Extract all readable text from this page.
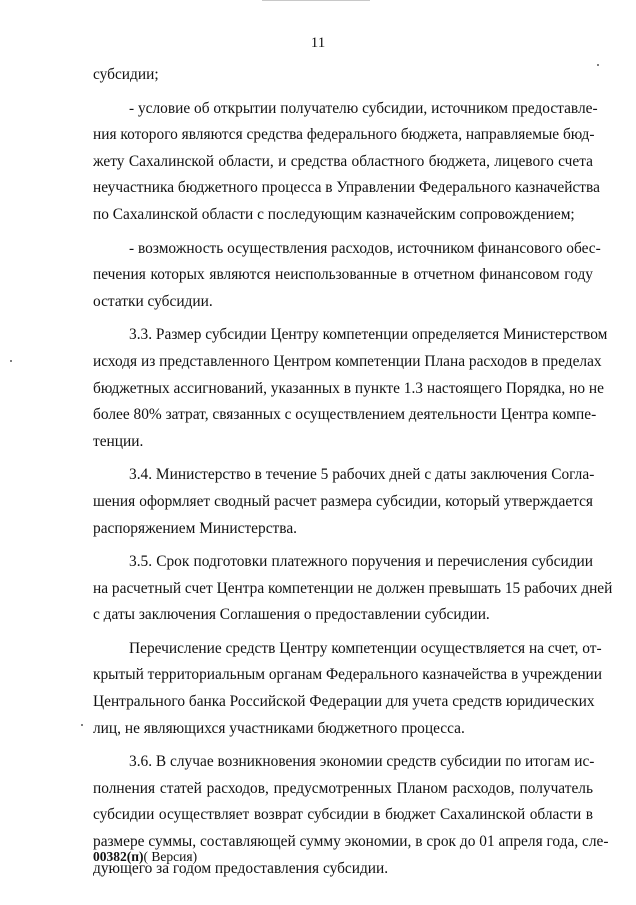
11
субсидии;
- условие об открытии получателю субсидии, источником предоставле-
ния которого являются средства федерального бюджета, направляемые бюд-
жету Сахалинской области, и средства областного бюджета, лицевого счета
неучастника бюджетного процесса в Управлении Федерального казначейства
по Сахалинской области с последующим казначейским сопровождением;
- возможность осуществления расходов, источником финансового обес-
печения которых являются неиспользованные в отчетном финансовом году
остатки субсидии.
3.3. Размер субсидии Центру компетенции определяется Министерством
исходя из представленного Центром компетенции Плана расходов в пределах
бюджетных ассигнований, указанных в пункте 1.3 настоящего Порядка, но не
более 80% затрат, связанных с осуществлением деятельности Центра компе-
тенции.
3.4. Министерство в течение 5 рабочих дней с даты заключения Согла-
шения оформляет сводный расчет размера субсидии, который утверждается
распоряжением Министерства.
3.5. Срок подготовки платежного поручения и перечисления субсидии
на расчетный счет Центра компетенции не должен превышать 15 рабочих дней
с даты заключения Соглашения о предоставлении субсидии.
Перечисление средств Центру компетенции осуществляется на счет, от-
крытый территориальным органам Федерального казначейства в учреждении
Центрального банка Российской Федерации для учета средств юридических
лиц, не являющихся участниками бюджетного процесса.
3.6. В случае возникновения экономии средств субсидии по итогам ис-
полнения статей расходов, предусмотренных Планом расходов, получатель
субсидии осуществляет возврат субсидии в бюджет Сахалинской области в
размере суммы, составляющей сумму экономии, в срок до 01 апреля года, сле-
дующего за годом предоставления субсидии.
00382(п)( Версия)
